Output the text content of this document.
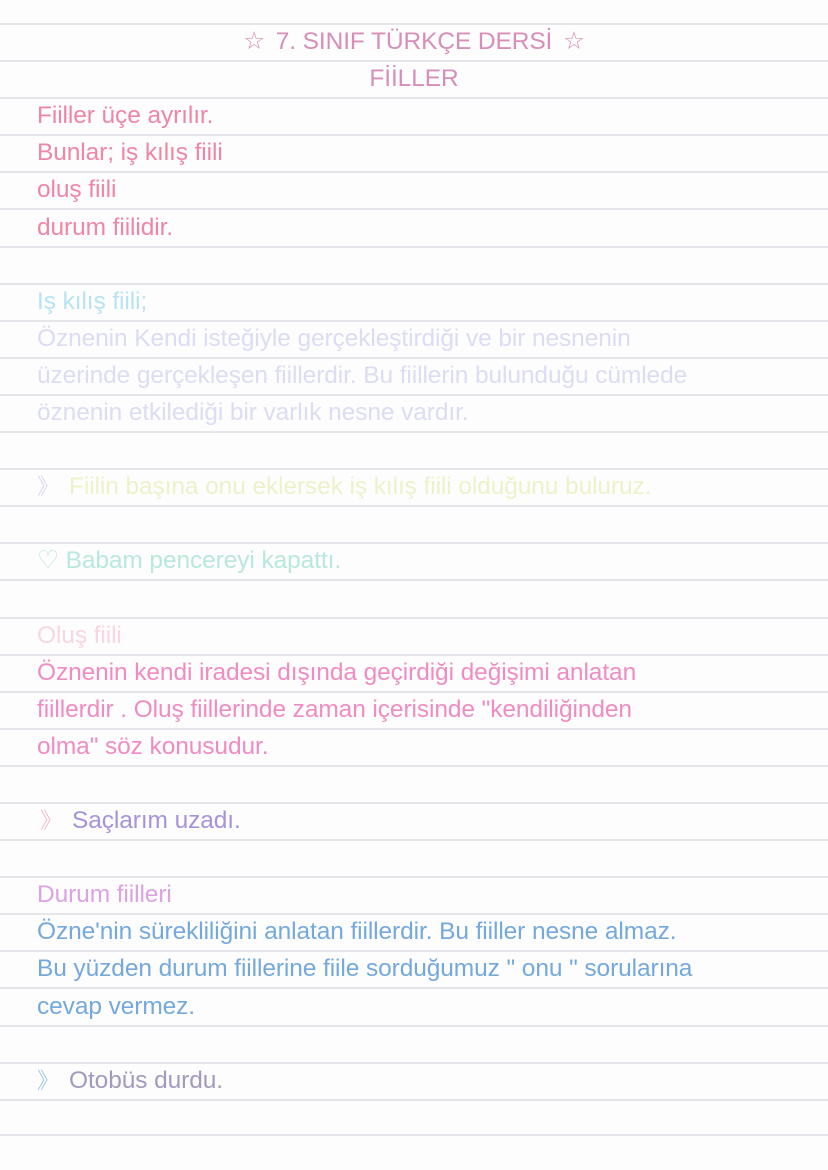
☆ 7. SINIF TÜRKÇE DERSİ ☆
FİİLLER
Fiiller üçe ayrılır.
Bunlar; iş kılış fiili
oluş fiili
durum fiilidir.
Iş kılış fiili;
Öznenin Kendi isteğiyle gerçekleştirdiği ve bir nesnenin
üzerinde gerçekleşen fiillerdir. Bu fiillerin bulunduğu cümlede
öznenin etkilediği bir varlık nesne vardır.
》 Fiilin başına onu eklersek iş kılış fiili olduğunu buluruz.
♡ Babam pencereyi kapattı.
Oluş fiili
Öznenin kendi iradesi dışında geçirdiği değişimi anlatan
fiillerdir . Oluş fiillerinde zaman içerisinde "kendiliğinden
olma" söz konusudur.
》 Saçlarım uzadı.
Durum fiilleri
Özne'nin sürekliliğini anlatan fiillerdir. Bu fiiller nesne almaz.
Bu yüzden durum fiillerine fiile sorduğumuz " onu " sorularına
cevap vermez.
》 Otobüs durdu.
